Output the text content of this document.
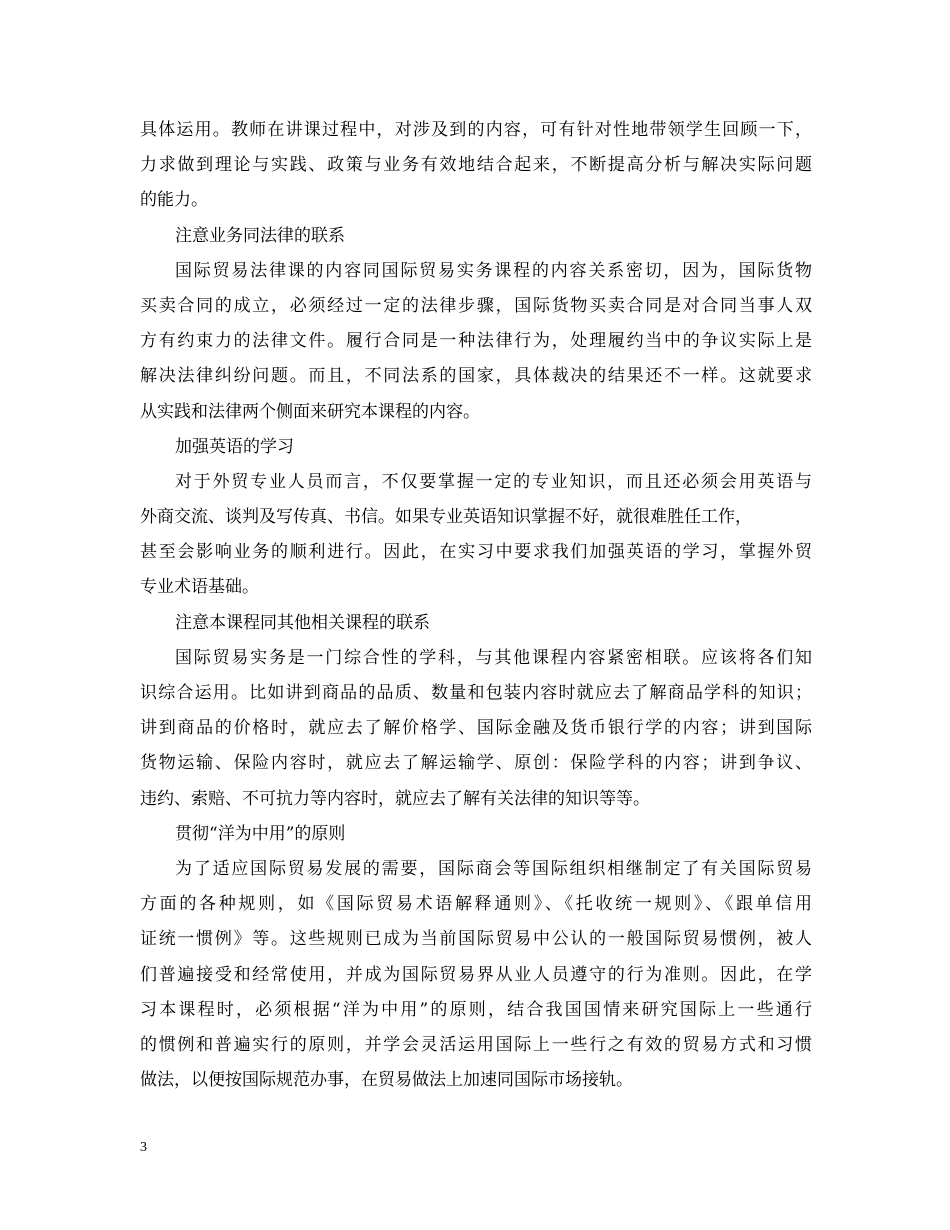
具体运用。教师在讲课过程中，对涉及到的内容，可有针对性地带领学生回顾一下，
力求做到理论与实践、政策与业务有效地结合起来，不断提高分析与解决实际问题
的能力。
注意业务同法律的联系
国际贸易法律课的内容同国际贸易实务课程的内容关系密切，因为，国际货物
买卖合同的成立，必须经过一定的法律步骤，国际货物买卖合同是对合同当事人双
方有约束力的法律文件。履行合同是一种法律行为，处理履约当中的争议实际上是
解决法律纠纷问题。而且，不同法系的国家，具体裁决的结果还不一样。这就要求
从实践和法律两个侧面来研究本课程的内容。
加强英语的学习
对于外贸专业人员而言，不仅要掌握一定的专业知识，而且还必须会用英语与
外商交流、谈判及写传真、书信。如果专业英语知识掌握不好，就很难胜任工作，
甚至会影响业务的顺利进行。因此，在实习中要求我们加强英语的学习，掌握外贸
专业术语基础。
注意本课程同其他相关课程的联系
国际贸易实务是一门综合性的学科，与其他课程内容紧密相联。应该将各们知
识综合运用。比如讲到商品的品质、数量和包装内容时就应去了解商品学科的知识；
讲到商品的价格时，就应去了解价格学、国际金融及货币银行学的内容；讲到国际
货物运输、保险内容时，就应去了解运输学、原创：保险学科的内容；讲到争议、
违约、索赔、不可抗力等内容时，就应去了解有关法律的知识等等。
贯彻“洋为中用”的原则
为了适应国际贸易发展的需要，国际商会等国际组织相继制定了有关国际贸易
方面的各种规则，如《国际贸易术语解释通则》、《托收统一规则》、《跟单信用
证统一惯例》等。这些规则已成为当前国际贸易中公认的一般国际贸易惯例，被人
们普遍接受和经常使用，并成为国际贸易界从业人员遵守的行为准则。因此，在学
习本课程时，必须根据“洋为中用”的原则，结合我国国情来研究国际上一些通行
的惯例和普遍实行的原则，并学会灵活运用国际上一些行之有效的贸易方式和习惯
做法，以便按国际规范办事，在贸易做法上加速同国际市场接轨。
3
